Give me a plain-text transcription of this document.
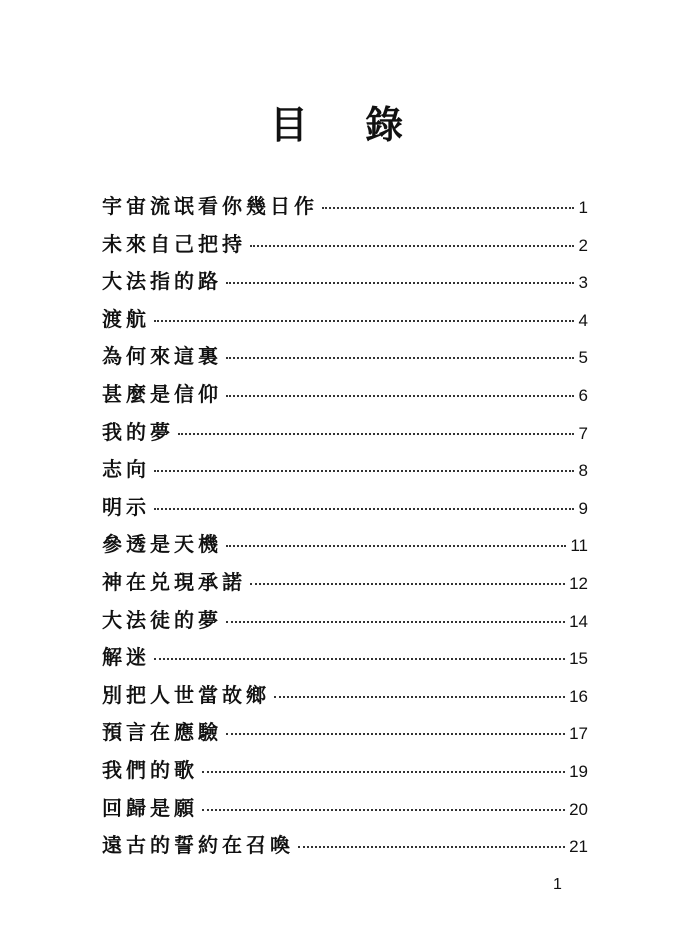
目 錄
宇宙流氓看你幾日作	1
未來自己把持	2
大法指的路	3
渡航	4
為何來這裏	5
甚麼是信仰	6
我的夢	7
志向	8
明示	9
參透是天機	11
神在兑現承諾	12
大法徒的夢	14
解迷	15
別把人世當故鄉	16
預言在應驗	17
我們的歌	19
回歸是願	20
遠古的誓約在召喚	21
1
